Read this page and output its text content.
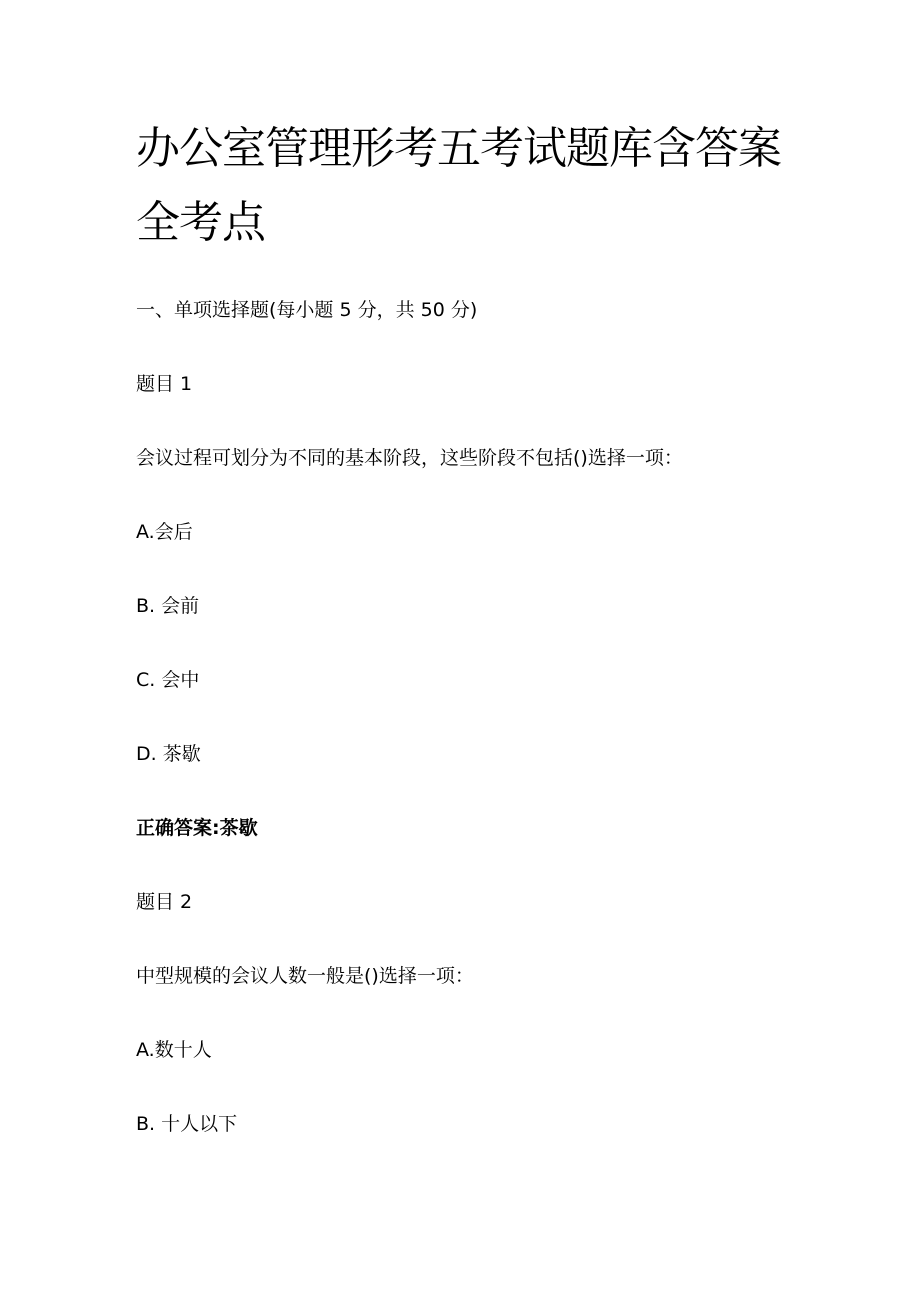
办公室管理形考五考试题库含答案全考点

一、单项选择题(每小题 5 分，共 50 分)

题目 1

会议过程可划分为不同的基本阶段，这些阶段不包括()选择一项：

A.会后

B. 会前

C. 会中

D. 茶歇

正确答案:茶歇

题目 2

中型规模的会议人数一般是()选择一项：

A.数十人

B. 十人以下
